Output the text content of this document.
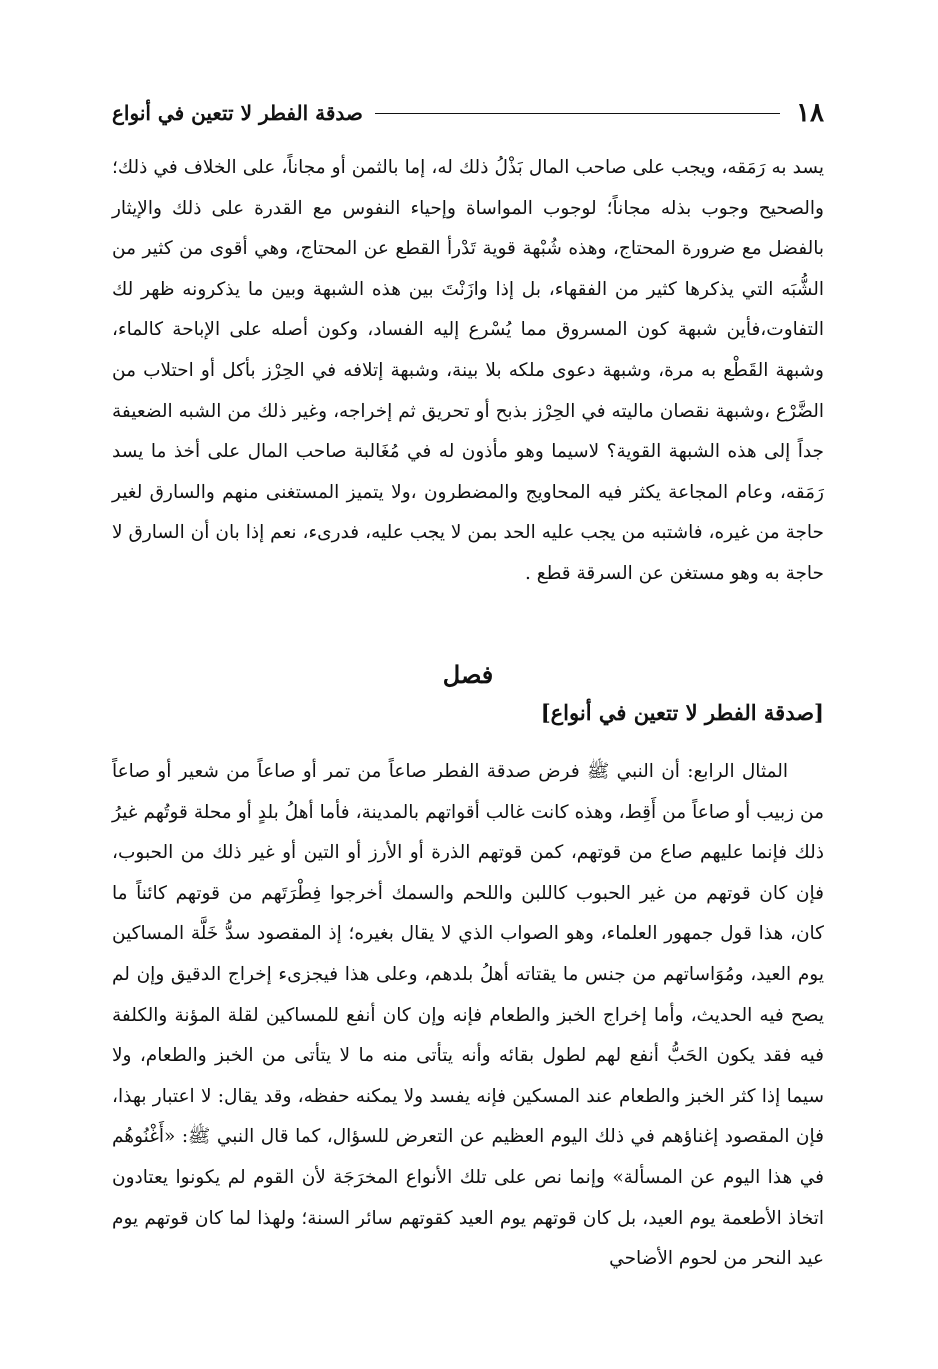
١٨
صدقة الفطر لا تتعين في أنواع

يسد به رَمَقه، ويجب على صاحب المال بَذْلُ ذلك له، إما بالثمن أو مجاناً، على الخلاف في ذلك؛ والصحيح وجوب بذله مجاناً؛ لوجوب المواساة وإحياء النفوس مع القدرة على ذلك والإيثار بالفضل مع ضرورة المحتاج، وهذه شُبْهة قوية تَدْرأ القطع عن المحتاج، وهي أقوى من كثير من الشُّبَه التي يذكرها كثير من الفقهاء، بل إذا وازَنْتَ بين هذه الشبهة وبين ما يذكرونه ظهر لك التفاوت،فأين شبهة كون المسروق مما يُسْرع إليه الفساد، وكون أصله على الإباحة كالماء، وشبهة القَطْع به مرة، وشبهة دعوى ملكه بلا بينة، وشبهة إتلافه في الحِرْز بأكل أو احتلاب من الضَّرْع ،وشبهة نقصان ماليته في الحِرْز بذبح أو تحريق ثم إخراجه، وغير ذلك من الشبه الضعيفة جداً إلى هذه الشبهة القوية؟ لاسيما وهو مأذون له في مُغَالبة صاحب المال على أخذ ما يسد رَمَقه، وعام المجاعة يكثر فيه المحاويج والمضطرون ،ولا يتميز المستغنى منهم والسارق لغير حاجة من غيره، فاشتبه من يجب عليه الحد بمن لا يجب عليه، فدرىء، نعم إذا بان أن السارق لا حاجة به وهو مستغن عن السرقة قطع .

فصل
[صدقة الفطر لا تتعين في أنواع]

المثال الرابع: أن النبي ﷺ فرض صدقة الفطر صاعاً من تمر أو صاعاً من شعير أو صاعاً من زبيب أو صاعاً من أَقِط، وهذه كانت غالب أقواتهم بالمدينة، فأما أهلُ بلدٍ أو محلة قوتُهم غيرُ ذلك فإنما عليهم صاع من قوتهم، كمن قوتهم الذرة أو الأرز أو التين أو غير ذلك من الحبوب، فإن كان قوتهم من غير الحبوب كاللبن واللحم والسمك أخرجوا فِطْرَتَهم من قوتهم كائناً ما كان، هذا قول جمهور العلماء، وهو الصواب الذي لا يقال بغيره؛ إذ المقصود سدُّ خَلَّة المساكين يوم العيد، ومُوَاساتهم من جنس ما يقتاته أهلُ بلدهم، وعلى هذا فيجزىء إخراج الدقيق وإن لم يصح فيه الحديث، وأما إخراج الخبز والطعام فإنه وإن كان أنفع للمساكين لقلة المؤنة والكلفة فيه فقد يكون الحَبُّ أنفع لهم لطول بقائه وأنه يتأتى منه ما لا يتأتى من الخبز والطعام، ولا سيما إذا كثر الخبز والطعام عند المسكين فإنه يفسد ولا يمكنه حفظه، وقد يقال: لا اعتبار بهذا، فإن المقصود إغناؤهم في ذلك اليوم العظيم عن التعرض للسؤال، كما قال النبي ﷺ: «أَغْنُوهُم في هذا اليوم عن المسألة» وإنما نص على تلك الأنواع المخرَجَة لأن القوم لم يكونوا يعتادون اتخاذ الأطعمة يوم العيد، بل كان قوتهم يوم العيد كقوتهم سائر السنة؛ ولهذا لما كان قوتهم يوم عيد النحر من لحوم الأضاحي
